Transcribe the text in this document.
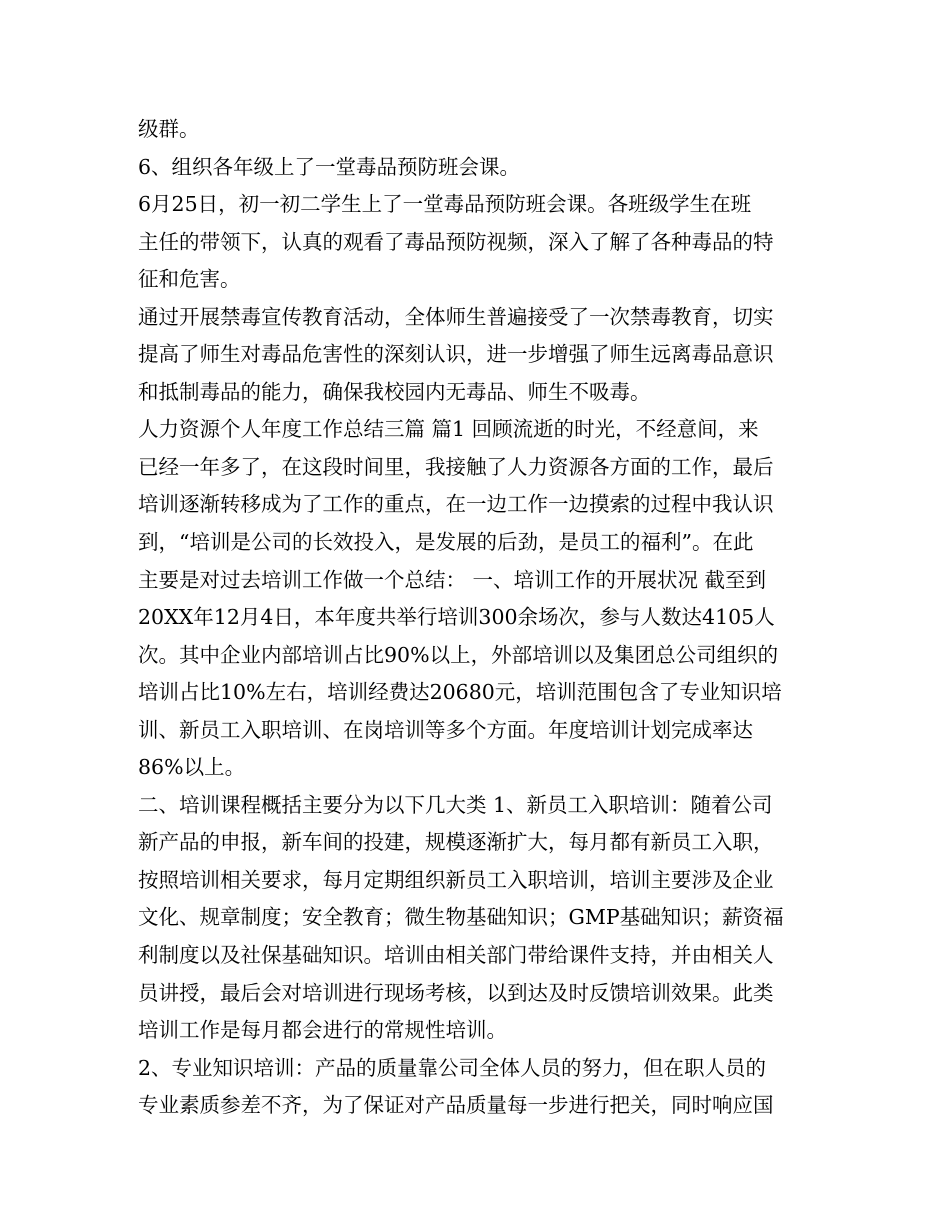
级群。
6、组织各年级上了一堂毒品预防班会课。
6月25日，初一初二学生上了一堂毒品预防班会课。各班级学生在班
主任的带领下，认真的观看了毒品预防视频，深入了解了各种毒品的特
征和危害。
通过开展禁毒宣传教育活动，全体师生普遍接受了一次禁毒教育，切实
提高了师生对毒品危害性的深刻认识，进一步增强了师生远离毒品意识
和抵制毒品的能力，确保我校园内无毒品、师生不吸毒。
人力资源个人年度工作总结三篇 篇1 回顾流逝的时光，不经意间，来
已经一年多了，在这段时间里，我接触了人力资源各方面的工作，最后
培训逐渐转移成为了工作的重点，在一边工作一边摸索的过程中我认识
到，“培训是公司的长效投入，是发展的后劲，是员工的福利”。在此
主要是对过去培训工作做一个总结： 一、培训工作的开展状况 截至到
20XX年12月4日，本年度共举行培训300余场次，参与人数达4105人
次。其中企业内部培训占比90%以上，外部培训以及集团总公司组织的
培训占比10%左右，培训经费达20680元，培训范围包含了专业知识培
训、新员工入职培训、在岗培训等多个方面。年度培训计划完成率达
86%以上。
二、培训课程概括主要分为以下几大类 1、新员工入职培训：随着公司
新产品的申报，新车间的投建，规模逐渐扩大，每月都有新员工入职，
按照培训相关要求，每月定期组织新员工入职培训，培训主要涉及企业
文化、规章制度；安全教育；微生物基础知识；GMP基础知识；薪资福
利制度以及社保基础知识。培训由相关部门带给课件支持，并由相关人
员讲授，最后会对培训进行现场考核，以到达及时反馈培训效果。此类
培训工作是每月都会进行的常规性培训。
2、专业知识培训：产品的质量靠公司全体人员的努力，但在职人员的
专业素质参差不齐，为了保证对产品质量每一步进行把关，同时响应国
